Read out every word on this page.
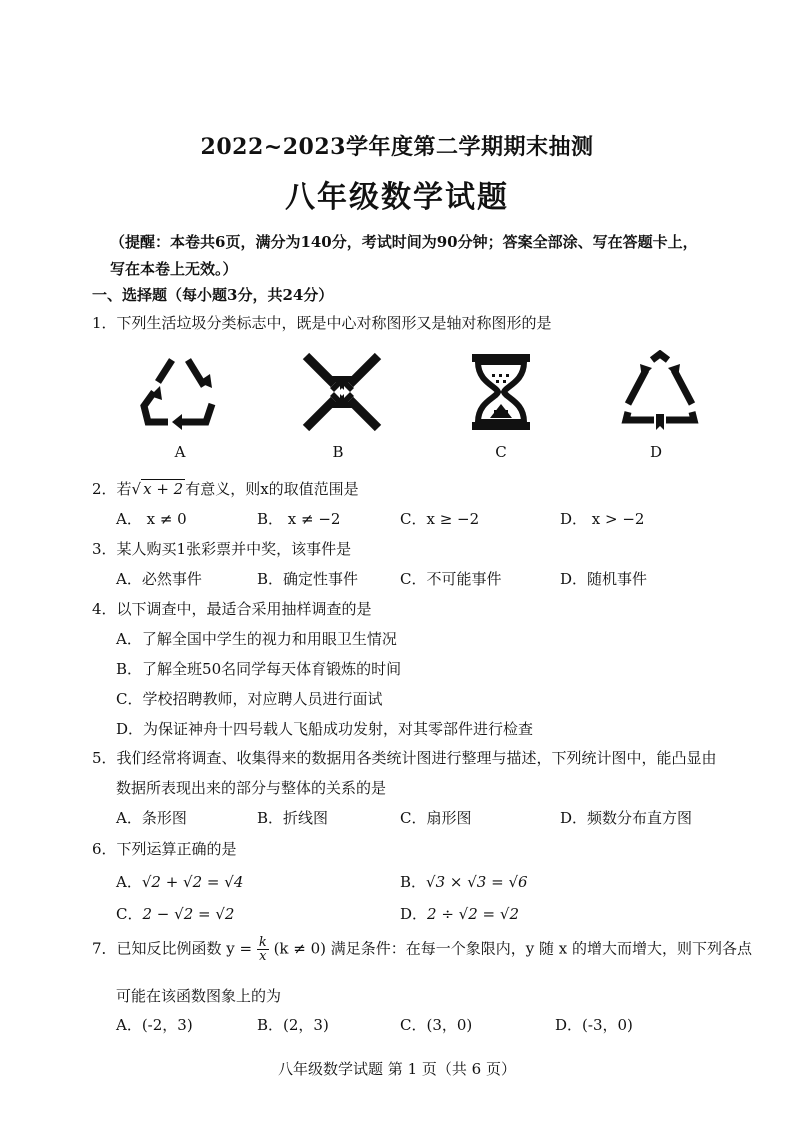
2022~2023学年度第二学期期末抽测
八年级数学试题
（提醒：本卷共6页，满分为140分，考试时间为90分钟；答案全部涂、写在答题卡上，
写在本卷上无效。）
一、选择题（每小题3分，共24分）
1．下列生活垃圾分类标志中，既是中心对称图形又是轴对称图形的是
A	B	C	D
2．若√ x + 2 有意义，则x的取值范围是
A． x ≠ 0	B． x ≠ −2	C．x ≥ −2	D． x > −2
3．某人购买1张彩票并中奖，该事件是
A．必然事件	B．确定性事件	C．不可能事件	D．随机事件
4．以下调查中，最适合采用抽样调查的是
A．了解全国中学生的视力和用眼卫生情况
B．了解全班50名同学每天体育锻炼的时间
C．学校招聘教师，对应聘人员进行面试
D．为保证神舟十四号载人飞船成功发射，对其零部件进行检查
5．我们经常将调查、收集得来的数据用各类统计图进行整理与描述，下列统计图中，能凸显由
数据所表现出来的部分与整体的关系的是
A．条形图	B．折线图	C．扇形图	D．频数分布直方图
6．下列运算正确的是
A．√2 + √2 = √4	B．√3 × √3 = √6
C．2 − √2 = √2	D．2 ÷ √2 = √2
7．已知反比例函数 $y = \frac{k}{x} (k \ne 0)$ 满足条件：在每一个象限内，y 随 x 的增大而增大，则下列各点
可能在该函数图象上的为
A．(-2，3)	B．(2，3)	C．(3，0)	D．(-3，0)
八年级数学试题 第 1 页（共 6 页）
